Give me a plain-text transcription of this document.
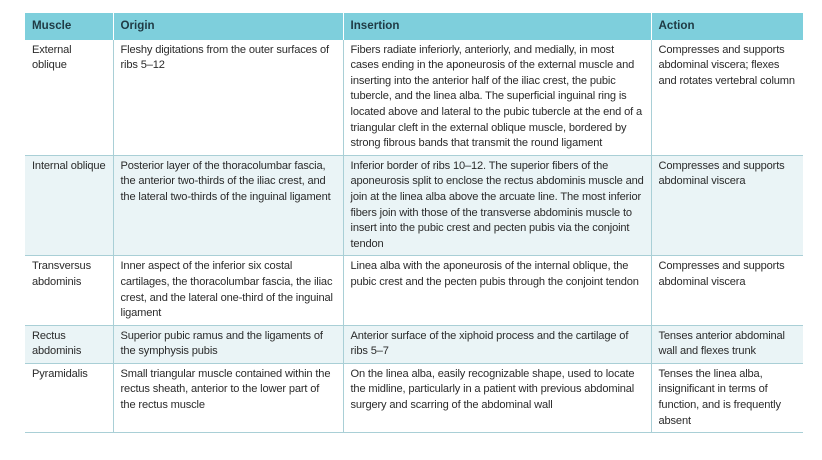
Muscle	Origin	Insertion	Action
External oblique	Fleshy digitations from the outer surfaces of ribs 5–12	Fibers radiate inferiorly, anteriorly, and medially, in most cases ending in the aponeurosis of the external muscle and inserting into the anterior half of the iliac crest, the pubic tubercle, and the linea alba. The superficial inguinal ring is located above and lateral to the pubic tubercle at the end of a triangular cleft in the external oblique muscle, bordered by strong fibrous bands that transmit the round ligament	Compresses and supports abdominal viscera; flexes and rotates vertebral column
Internal oblique	Posterior layer of the thoracolumbar fascia, the anterior two-thirds of the iliac crest, and the lateral two-thirds of the inguinal ligament	Inferior border of ribs 10–12. The superior fibers of the aponeurosis split to enclose the rectus abdominis muscle and join at the linea alba above the arcuate line. The most inferior fibers join with those of the transverse abdominis muscle to insert into the pubic crest and pecten pubis via the conjoint tendon	Compresses and supports abdominal viscera
Transversus abdominis	Inner aspect of the inferior six costal cartilages, the thoracolumbar fascia, the iliac crest, and the lateral one-third of the inguinal ligament	Linea alba with the aponeurosis of the internal oblique, the pubic crest and the pecten pubis through the conjoint tendon	Compresses and supports abdominal viscera
Rectus abdominis	Superior pubic ramus and the ligaments of the symphysis pubis	Anterior surface of the xiphoid process and the cartilage of ribs 5–7	Tenses anterior abdominal wall and flexes trunk
Pyramidalis	Small triangular muscle contained within the rectus sheath, anterior to the lower part of the rectus muscle	On the linea alba, easily recognizable shape, used to locate the midline, particularly in a patient with previous abdominal surgery and scarring of the abdominal wall	Tenses the linea alba, insignificant in terms of function, and is frequently absent
